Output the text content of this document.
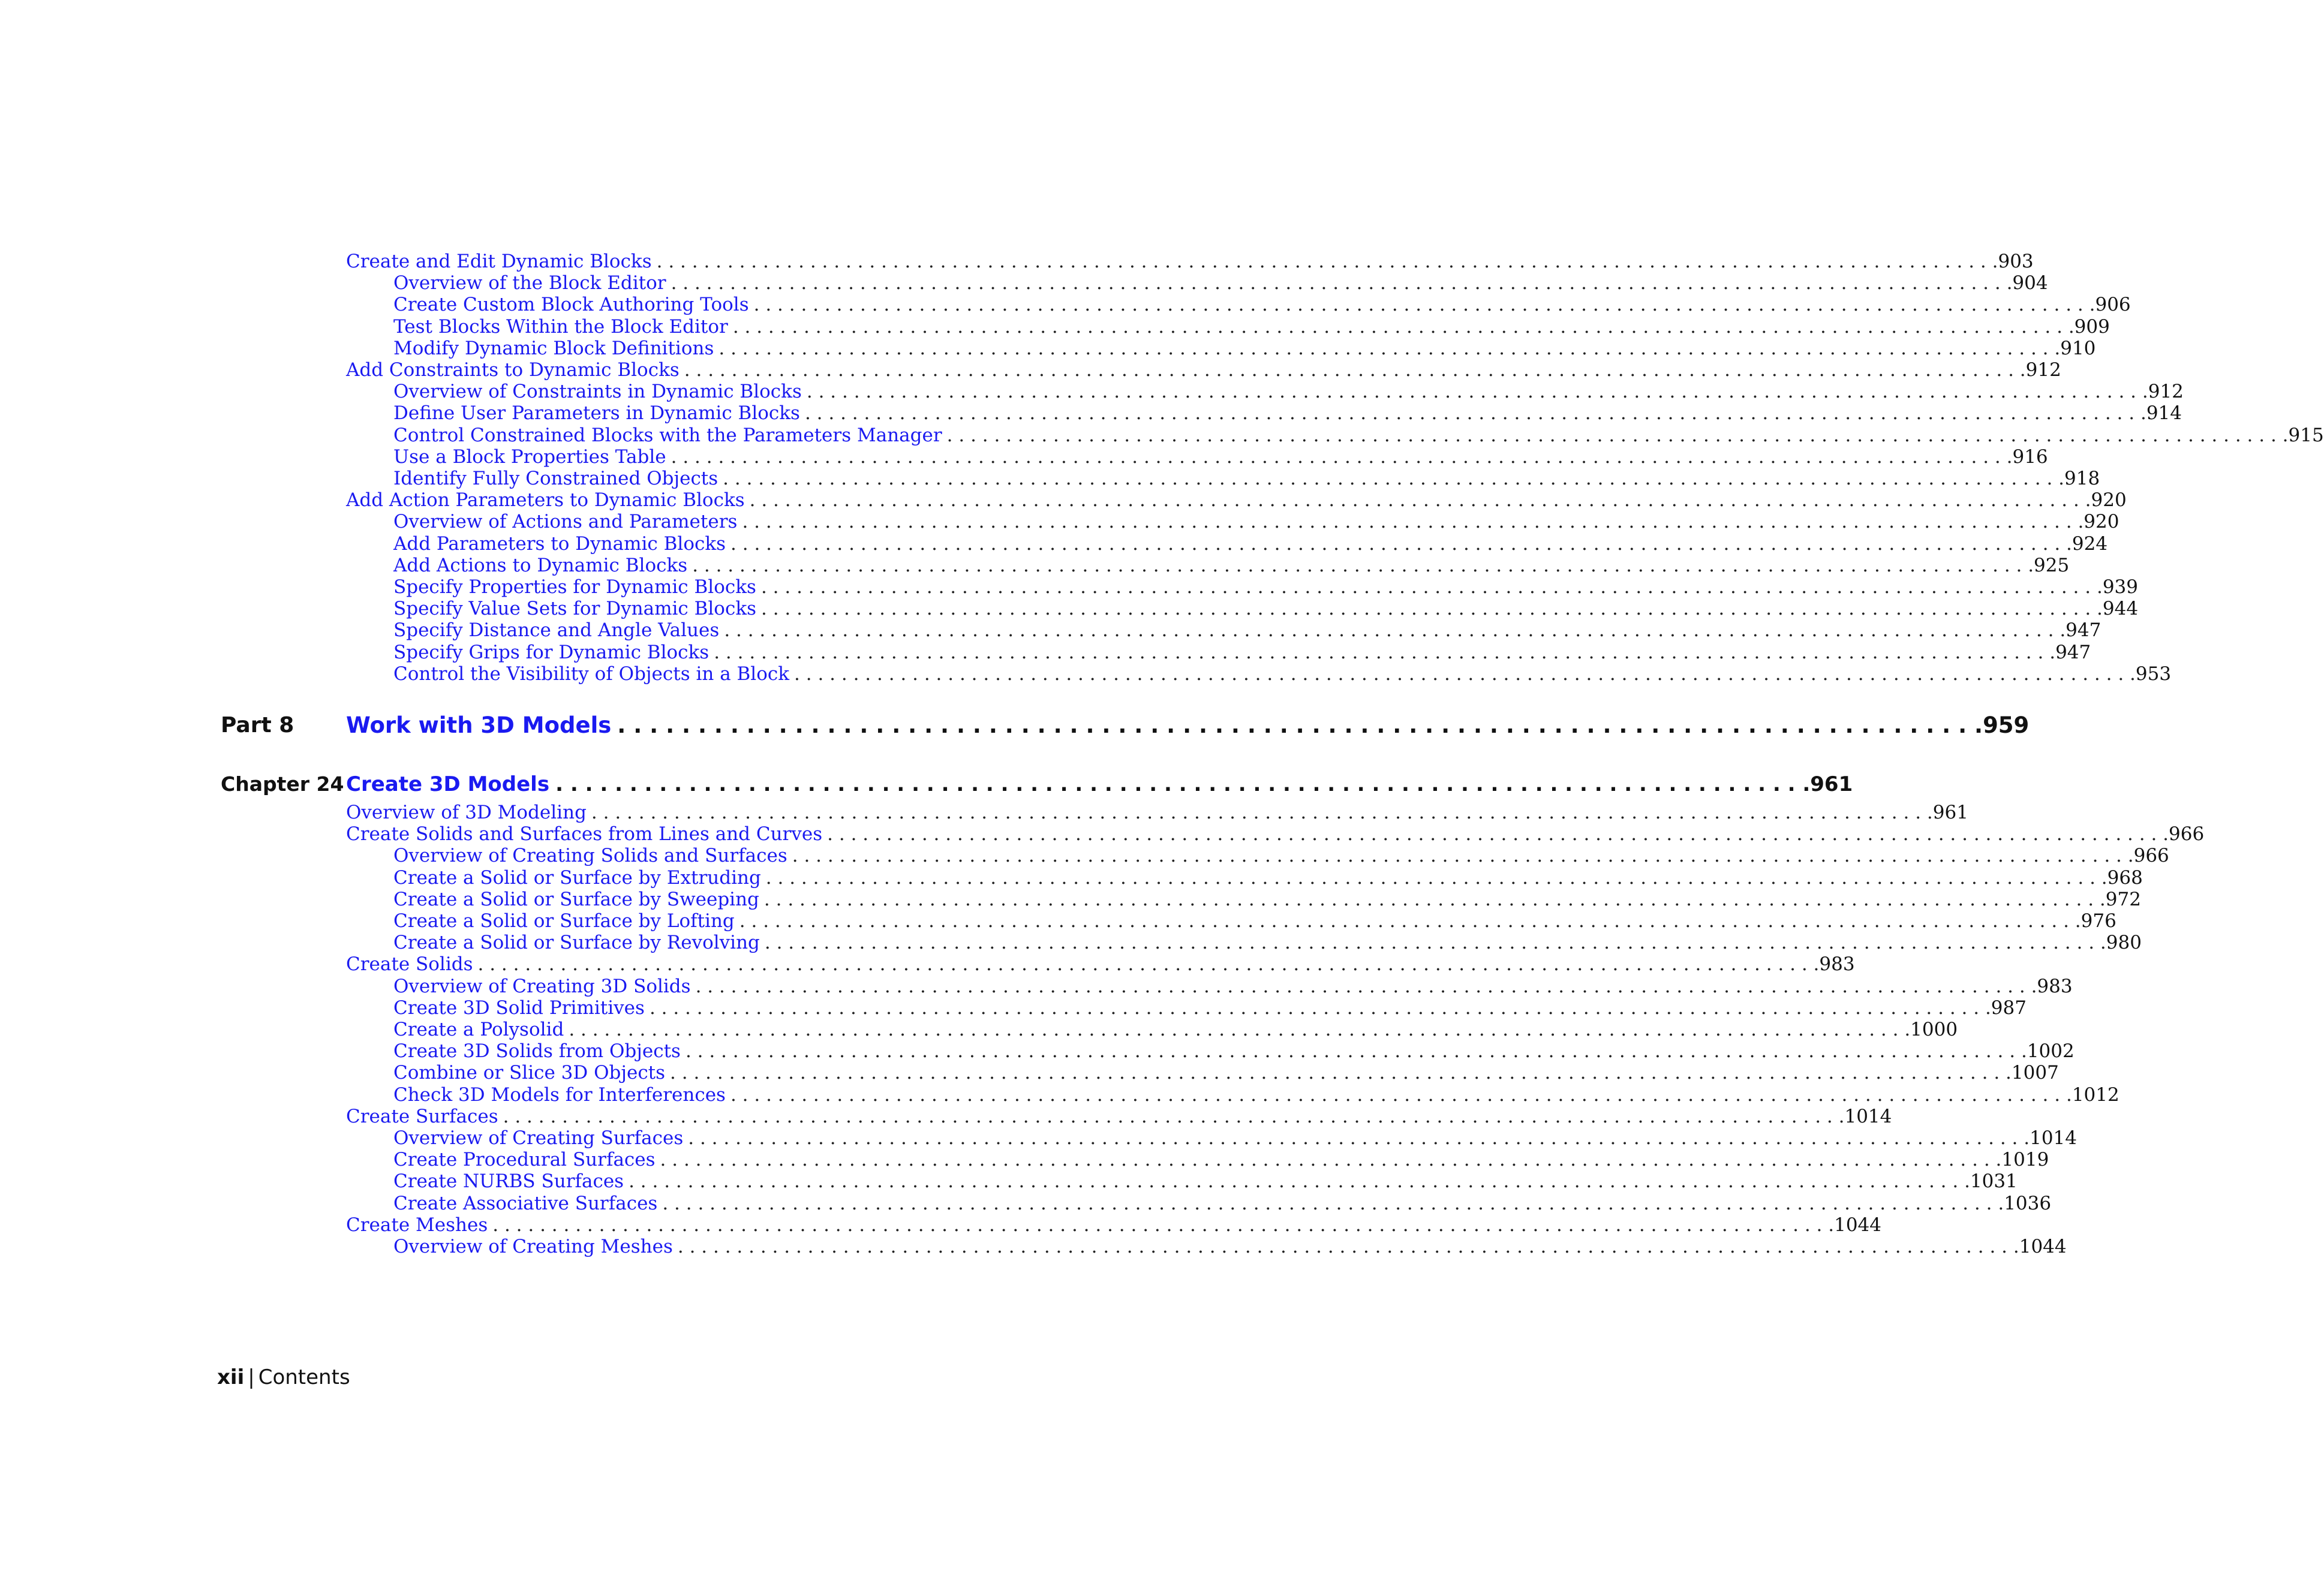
Create and Edit Dynamic Blocks . . .	903
Overview of the Block Editor . . .	904
Create Custom Block Authoring Tools . . .	906
Test Blocks Within the Block Editor . . .	909
Modify Dynamic Block Definitions . . .	910
Add Constraints to Dynamic Blocks . . .	912
Overview of Constraints in Dynamic Blocks . . .	912
Define User Parameters in Dynamic Blocks . . .	914
Control Constrained Blocks with the Parameters Manager . . .	915
Use a Block Properties Table . . .	916
Identify Fully Constrained Objects . . .	918
Add Action Parameters to Dynamic Blocks . . .	920
Overview of Actions and Parameters . . .	920
Add Parameters to Dynamic Blocks . . .	924
Add Actions to Dynamic Blocks . . .	925
Specify Properties for Dynamic Blocks . . .	939
Specify Value Sets for Dynamic Blocks . . .	944
Specify Distance and Angle Values . . .	947
Specify Grips for Dynamic Blocks . . .	947
Control the Visibility of Objects in a Block . . .	953
Part 8 Work with 3D Models . . .	959
Chapter 24 Create 3D Models . . .	961
Overview of 3D Modeling . . .	961
Create Solids and Surfaces from Lines and Curves . . .	966
Overview of Creating Solids and Surfaces . . .	966
Create a Solid or Surface by Extruding . . .	968
Create a Solid or Surface by Sweeping . . .	972
Create a Solid or Surface by Lofting . . .	976
Create a Solid or Surface by Revolving . . .	980
Create Solids . . .	983
Overview of Creating 3D Solids . . .	983
Create 3D Solid Primitives . . .	987
Create a Polysolid . . .	1000
Create 3D Solids from Objects . . .	1002
Combine or Slice 3D Objects . . .	1007
Check 3D Models for Interferences . . .	1012
Create Surfaces . . .	1014
Overview of Creating Surfaces . . .	1014
Create Procedural Surfaces . . .	1019
Create NURBS Surfaces . . .	1031
Create Associative Surfaces . . .	1036
Create Meshes . . .	1044
Overview of Creating Meshes . . .	1044
xii | Contents
